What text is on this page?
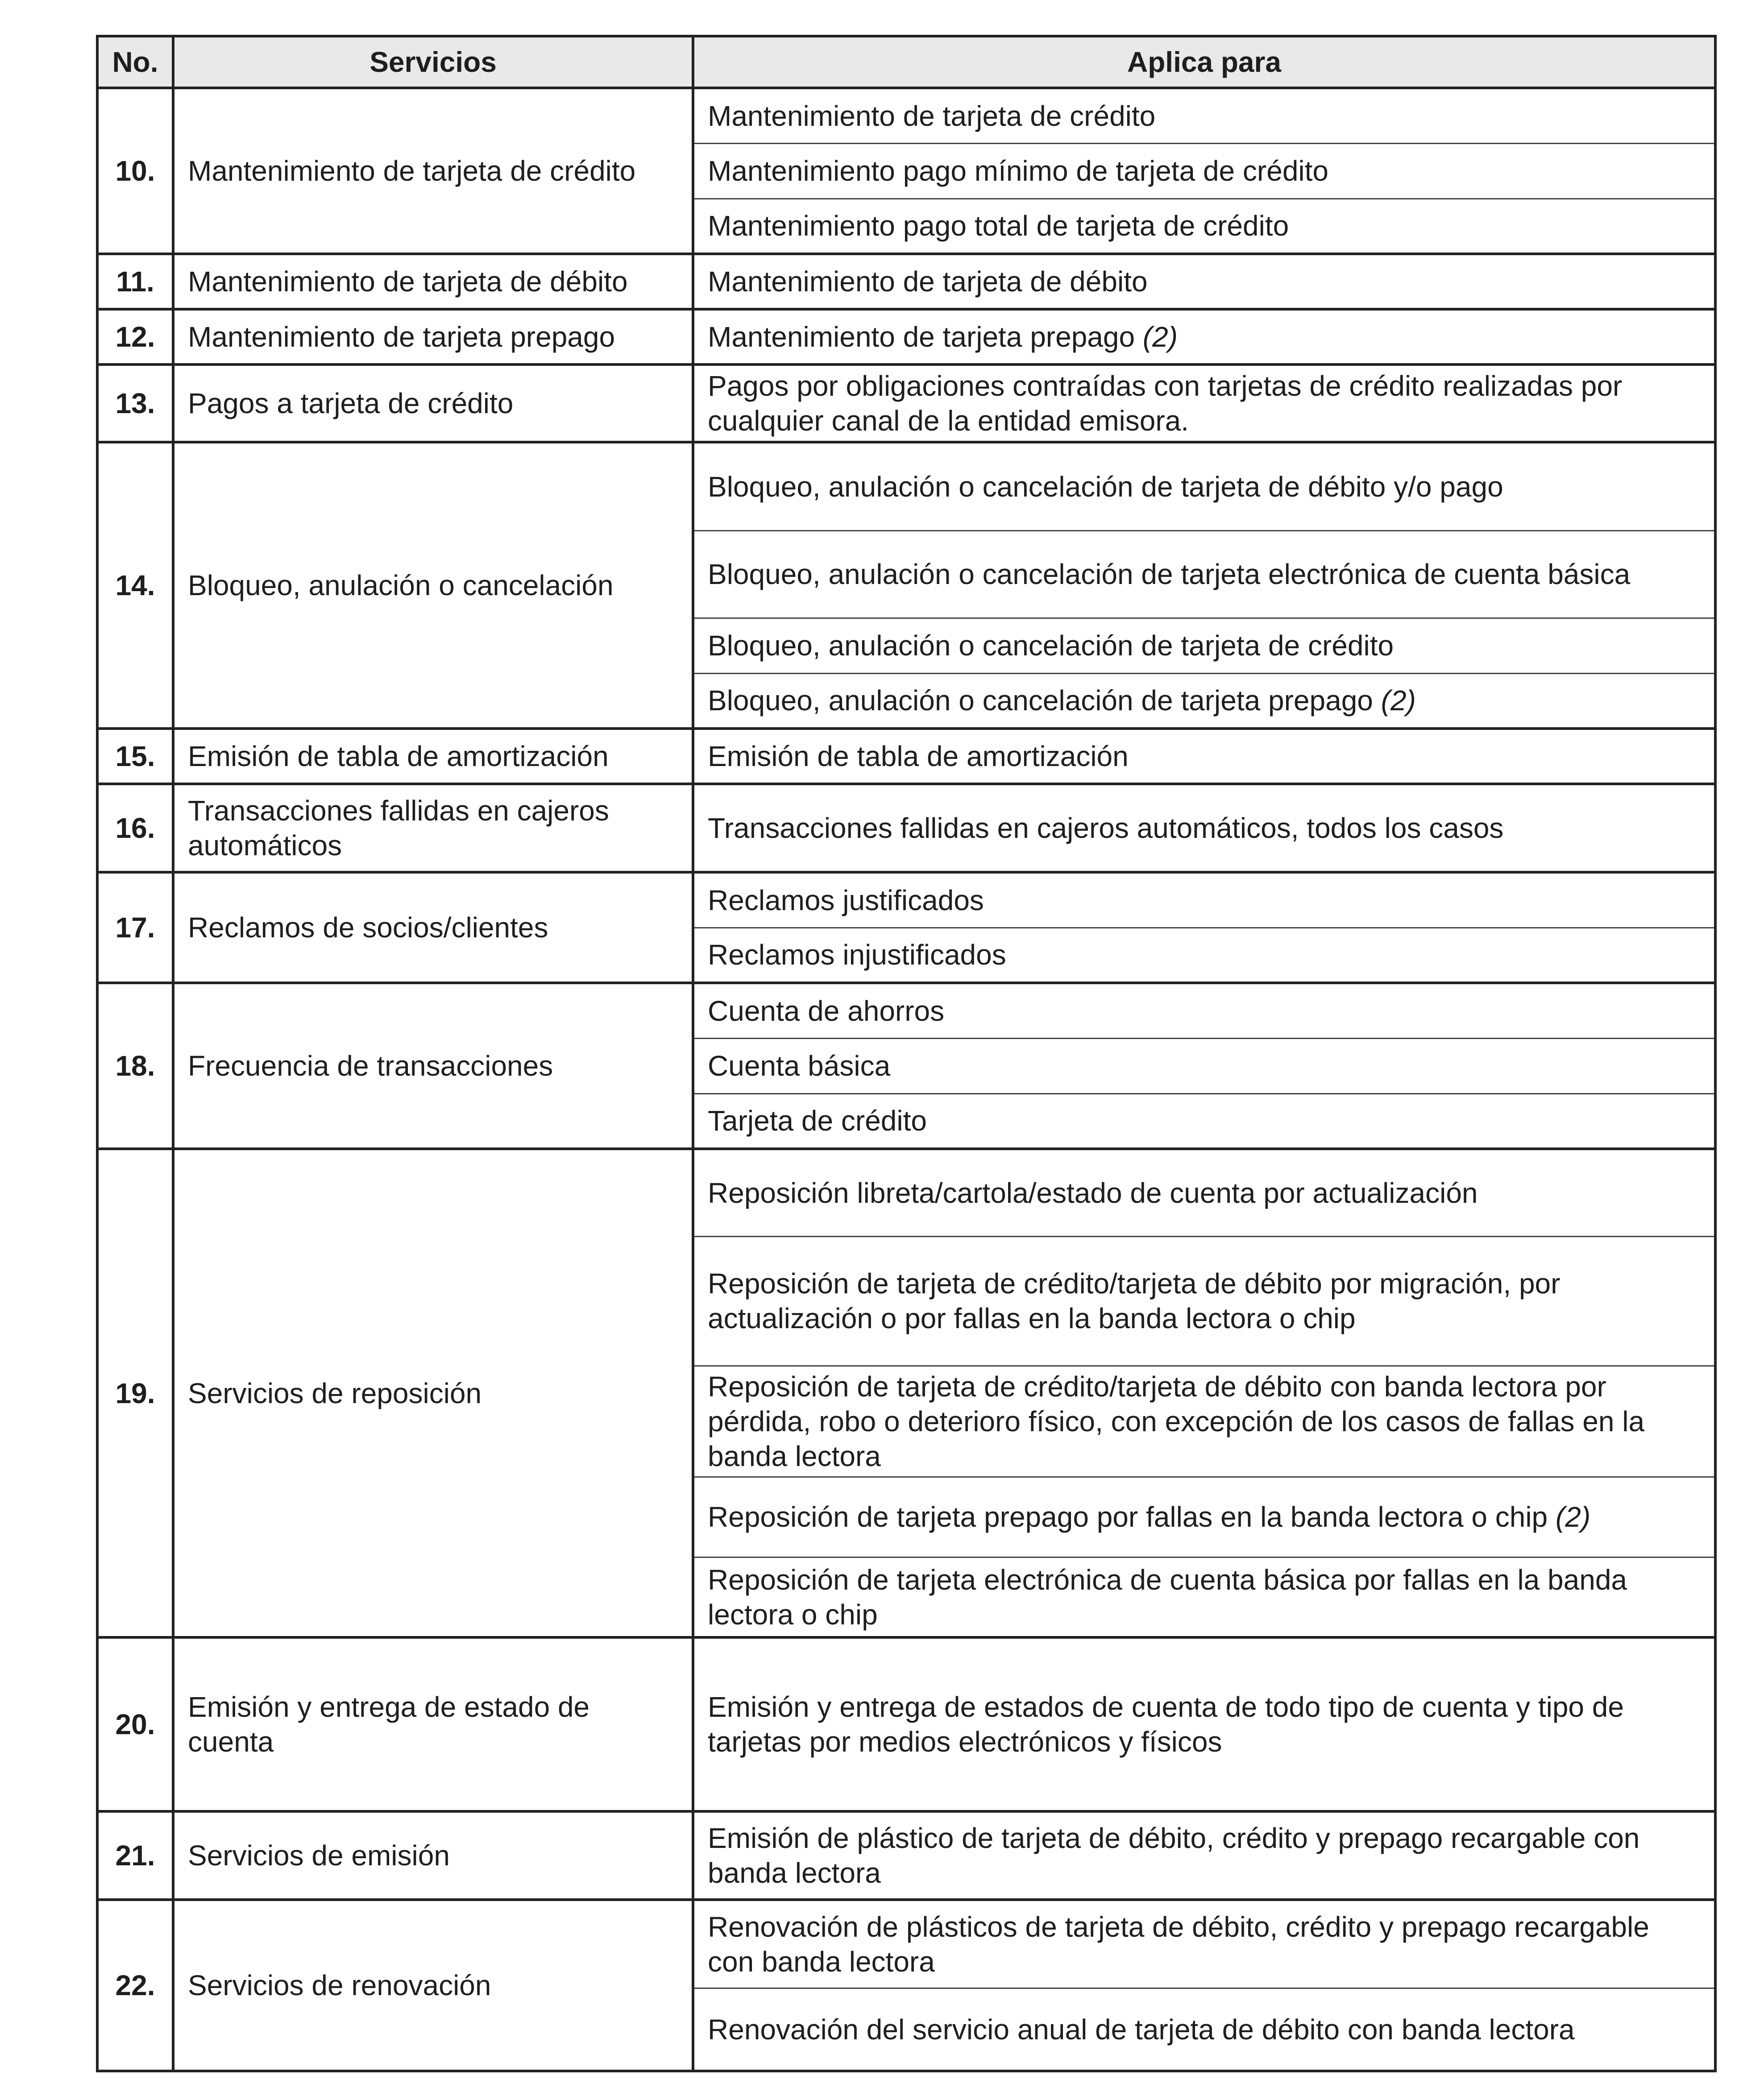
No.	Servicios	Aplica para
10.	Mantenimiento de tarjeta de crédito	Mantenimiento de tarjeta de crédito
		Mantenimiento pago mínimo de tarjeta de crédito
		Mantenimiento pago total de tarjeta de crédito
11.	Mantenimiento de tarjeta de débito	Mantenimiento de tarjeta de débito
12.	Mantenimiento de tarjeta prepago	Mantenimiento de tarjeta prepago (2)
13.	Pagos a tarjeta de crédito	Pagos por obligaciones contraídas con tarjetas de crédito realizadas por cualquier canal de la entidad emisora.
14.	Bloqueo, anulación o cancelación	Bloqueo, anulación o cancelación de tarjeta de débito y/o pago
		Bloqueo, anulación o cancelación de tarjeta electrónica de cuenta básica
		Bloqueo, anulación o cancelación de tarjeta de crédito
		Bloqueo, anulación o cancelación de tarjeta prepago (2)
15.	Emisión de tabla de amortización	Emisión de tabla de amortización
16.	Transacciones fallidas en cajeros automáticos	Transacciones fallidas en cajeros automáticos, todos los casos
17.	Reclamos de socios/clientes	Reclamos justificados
		Reclamos injustificados
18.	Frecuencia de transacciones	Cuenta de ahorros
		Cuenta básica
		Tarjeta de crédito
19.	Servicios de reposición	Reposición libreta/cartola/estado de cuenta por actualización
		Reposición de tarjeta de crédito/tarjeta de débito por migración, por actualización o por fallas en la banda lectora o chip
		Reposición de tarjeta de crédito/tarjeta de débito con banda lectora por pérdida, robo o deterioro físico, con excepción de los casos de fallas en la banda lectora
		Reposición de tarjeta prepago por fallas en la banda lectora o chip (2)
		Reposición de tarjeta electrónica de cuenta básica por fallas en la banda lectora o chip
20.	Emisión y entrega de estado de cuenta	Emisión y entrega de estados de cuenta de todo tipo de cuenta y tipo de tarjetas por medios electrónicos y físicos
21.	Servicios de emisión	Emisión de plástico de tarjeta de débito, crédito y prepago recargable con banda lectora
22.	Servicios de renovación	Renovación de plásticos de tarjeta de débito, crédito y prepago recargable con banda lectora
		Renovación del servicio anual de tarjeta de débito con banda lectora
